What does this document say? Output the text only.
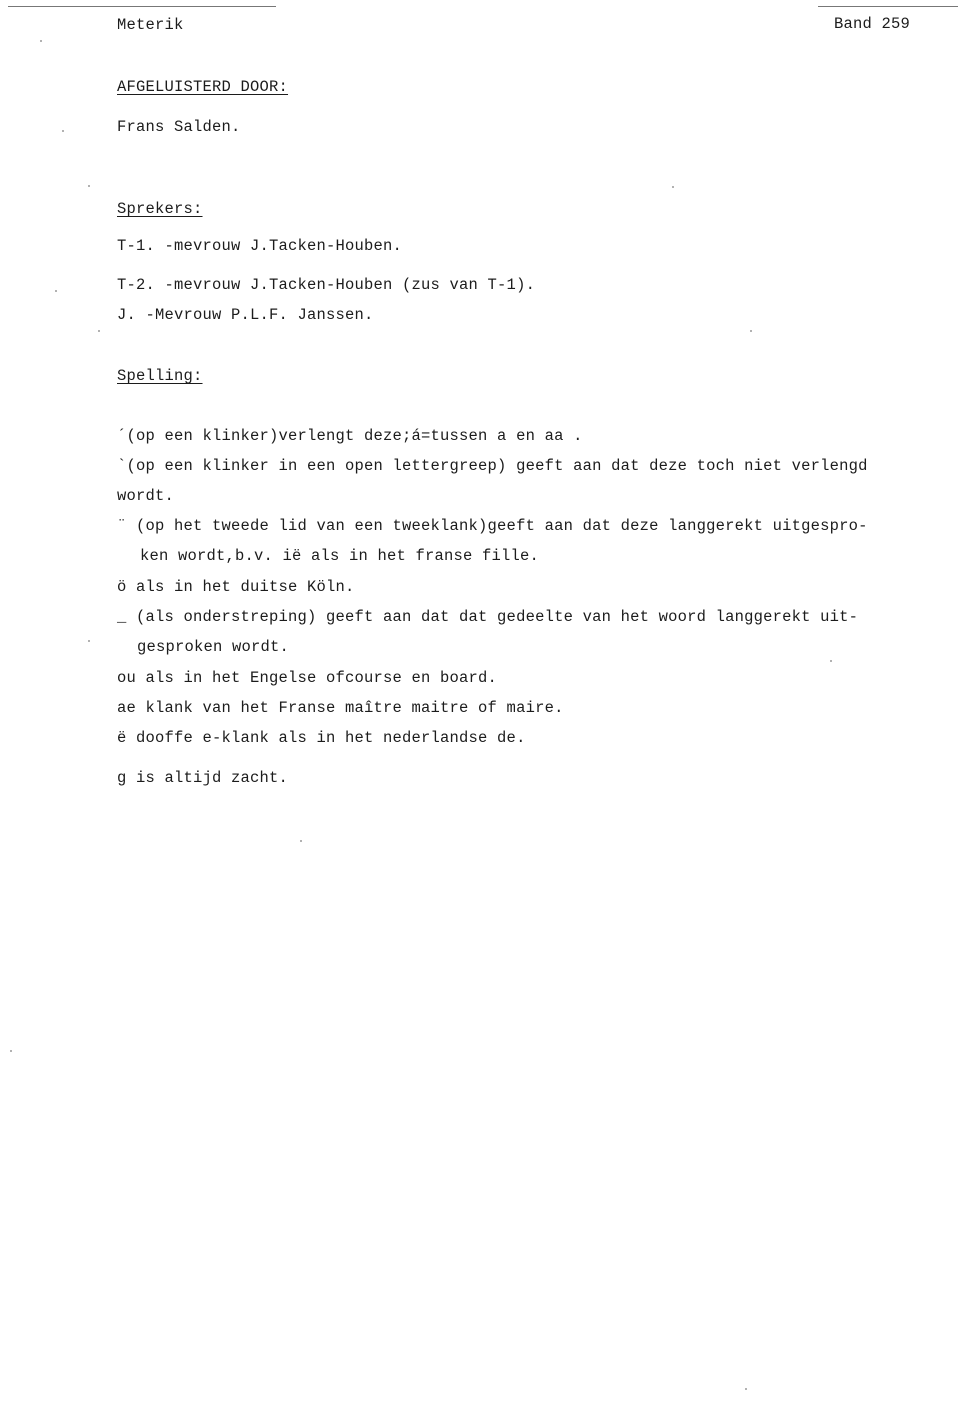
Meterik	Band 259
AFGELUISTERD DOOR:
Frans Salden.
Sprekers:
T-1. -mevrouw J.Tacken-Houben.
T-2. -mevrouw J.Tacken-Houben (zus van T-1).
J. -Mevrouw P.L.F. Janssen.
Spelling:
´(op een klinker)verlengt deze;á=tussen a en aa .
`(op een klinker in een open lettergreep) geeft aan dat deze toch niet verlengd
wordt.
¨ (op het tweede lid van een tweeklank)geeft aan dat deze langgerekt uitgespro-
ken wordt,b.v. ië als in het franse fille.
ö als in het duitse Köln.
_ (als onderstreping) geeft aan dat dat gedeelte van het woord langgerekt uit-
gesproken wordt.
ou als in het Engelse ofcourse en board.
ae klank van het Franse maître maitre of maire.
ë dooffe e-klank als in het nederlandse de.
g is altijd zacht.
